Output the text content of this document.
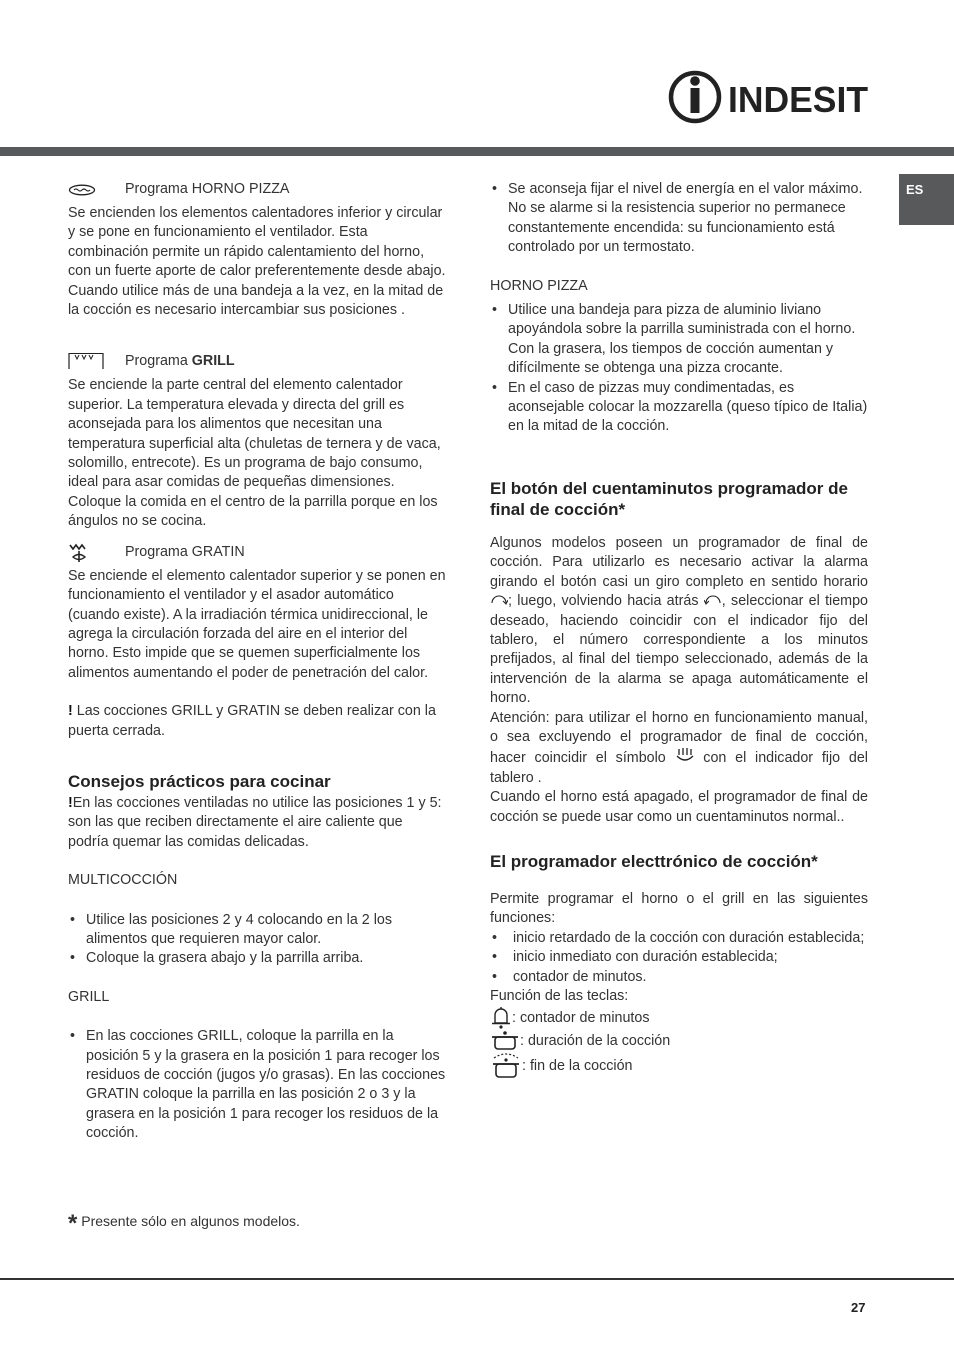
INDESIT
ES
Programa HORNO PIZZA

Se encienden los elementos calentadores inferior y circular y se pone en funcionamiento el ventilador. Esta combinación permite un rápido calentamiento del horno, con un fuerte aporte de calor preferentemente desde abajo. Cuando utilice más de una bandeja a la vez, en la mitad de la cocción es necesario intercambiar sus posiciones .

Programa GRILL

Se enciende la parte central del elemento calentador superior. La temperatura elevada y directa del grill es aconsejada para los alimentos que necesitan una temperatura superficial alta (chuletas de ternera y de vaca, solomillo, entrecote). Es un programa de bajo consumo, ideal para asar comidas de pequeñas dimensiones. Coloque la comida en el centro de la parrilla porque en los ángulos no se cocina.

Programa GRATIN

Se enciende el elemento calentador superior y se ponen en funcionamiento el ventilador y el asador automático (cuando existe). A la irradiación térmica unidireccional, le agrega la circulación forzada del aire en el interior del horno. Esto impide que se quemen superficialmente los alimentos aumentando el poder de penetración del calor.

! Las cocciones GRILL y GRATIN se deben realizar con la puerta cerrada.

Consejos prácticos para cocinar

!En las cocciones ventiladas no utilice las posiciones 1 y 5: son las que reciben directamente el aire caliente que podría quemar las comidas delicadas.

MULTICOCCIÓN
• Utilice las posiciones 2 y 4 colocando en la 2 los alimentos que requieren mayor calor.
• Coloque la grasera abajo y la parrilla arriba.
GRILL
• En las cocciones GRILL, coloque la parrilla en la posición 5 y la grasera en la posición 1 para recoger los residuos de cocción (jugos y/o grasas). En las cocciones GRATIN coloque la parrilla en las posición 2 o 3 y la grasera en la posición 1 para recoger los residuos de la cocción.
• Se aconseja fijar el nivel de energía en el valor máximo. No se alarme si la resistencia superior no permanece constantemente encendida: su funcionamiento está controlado por un termostato.
HORNO PIZZA
• Utilice una bandeja para pizza de aluminio liviano apoyándola sobre la parrilla suministrada con el horno.
Con la grasera, los tiempos de cocción aumentan y difícilmente se obtenga una pizza crocante.
• En el caso de pizzas muy condimentadas, es aconsejable colocar la mozzarella (queso típico de Italia) en la mitad de la cocción.
El botón del cuentaminutos programador de final de cocción*

Algunos modelos poseen un programador de final de cocción. Para utilizarlo es necesario activar la alarma girando el botón casi un giro completo en sentido horario ; luego, volviendo hacia atrás , seleccionar el tiempo deseado, haciendo coincidir con el indicador fijo del tablero, el número correspondiente a los minutos prefijados, al final del tiempo seleccionado, además de la intervención de la alarma se apaga automáticamente el horno.

Atención: para utilizar el horno en funcionamiento manual, o sea excluyendo el programador de final de cocción, hacer coincidir el símbolo	con el indicador fijo del tablero .

Cuando el horno está apagado, el programador de final de cocción se puede usar como un cuentaminutos normal..

El programador electtrónico de cocción*

Permite programar el horno o el grill en las siguientes funciones:

• inicio retardado de la cocción con duración establecida;
• inicio inmediato con duración establecida;
• contador de minutos.

Función de las teclas:

: contador de minutos
: duración de la cocción
: fin de la cocción
* Presente sólo en algunos modelos.
27
